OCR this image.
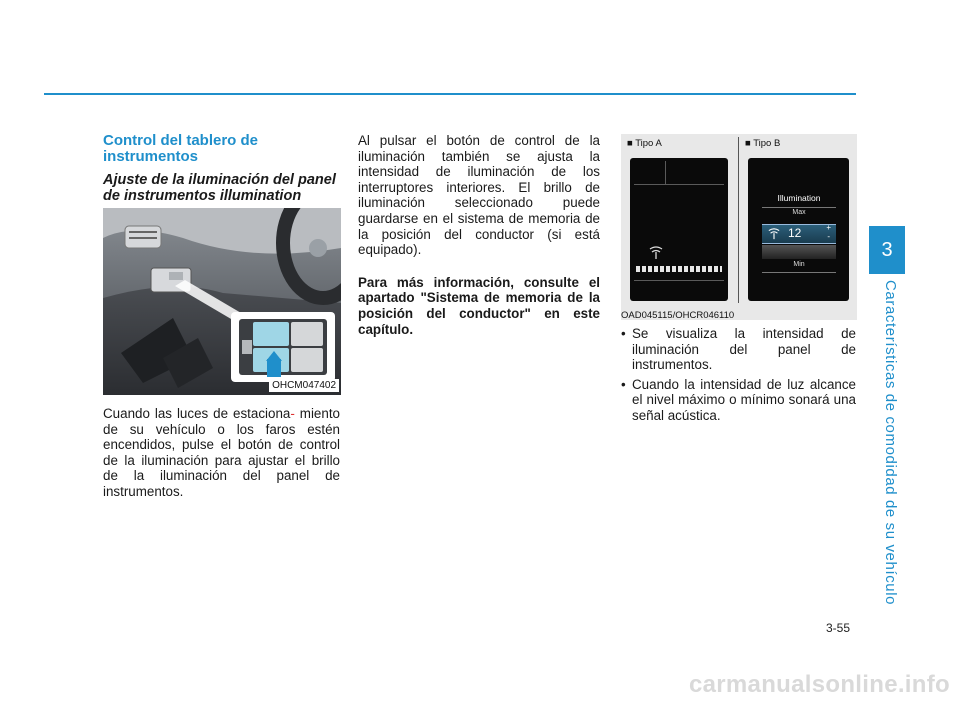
3
Características de comodidad de su vehículo
Control del tablero de instrumentos
Ajuste de la iluminación del panel de instrumentos illumination
OHCM047402

Cuando las luces de estaciona- miento de su vehículo o los faros estén encendidos, pulse el botón de control de la iluminación para ajustar el brillo de la iluminación del panel de instrumentos.

Al pulsar el botón de control de la iluminación también se ajusta la intensidad de iluminación de los interruptores interiores. El brillo de iluminación seleccionado puede guardarse en el sistema de memoria de la posición del conductor (si está equipado).

Para más información, consulte el apartado "Sistema de memoria de la posición del conductor" en este capítulo.

■ Tipo A	■ Tipo B
Illumination
Max
12	+
-
Min
OAD045115/OHCR046110
• Se visualiza la intensidad de iluminación del panel de instrumentos.
• Cuando la intensidad de luz alcance el nivel máximo o mínimo sonará una señal acústica.
3-55
carmanualsonline.info
